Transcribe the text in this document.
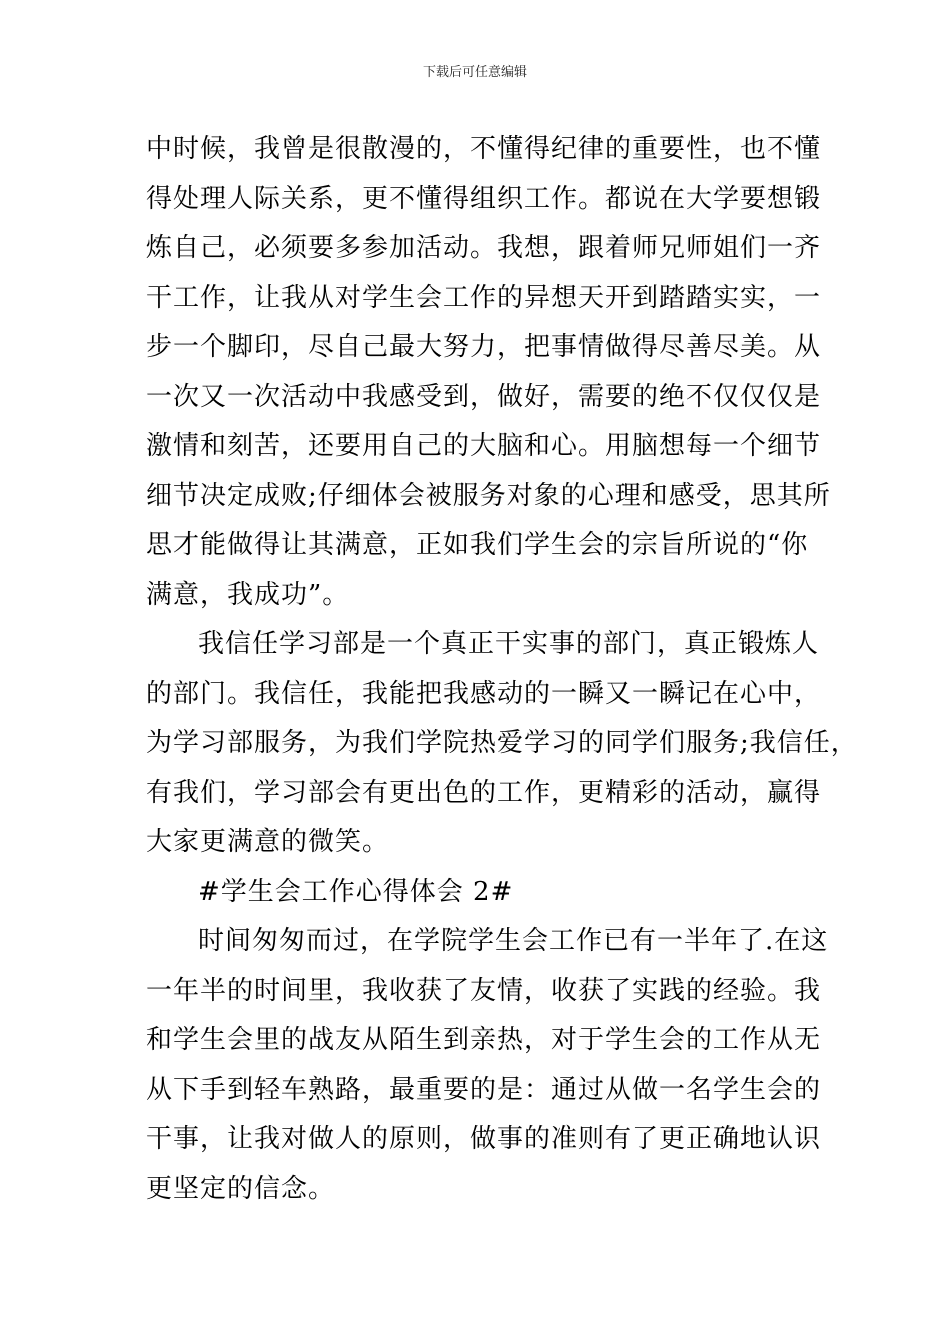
下载后可任意编辑

中时候，我曾是很散漫的，不懂得纪律的重要性，也不懂
得处理人际关系，更不懂得组织工作。都说在大学要想锻
炼自己，必须要多参加活动。我想，跟着师兄师姐们一齐
干工作，让我从对学生会工作的异想天开到踏踏实实，一
步一个脚印，尽自己最大努力，把事情做得尽善尽美。从
一次又一次活动中我感受到，做好，需要的绝不仅仅仅是
激情和刻苦，还要用自己的大脑和心。用脑想每一个细节
细节决定成败;仔细体会被服务对象的心理和感受，思其所
思才能做得让其满意，正如我们学生会的宗旨所说的“你
满意，我成功”。

我信任学习部是一个真正干实事的部门，真正锻炼人
的部门。我信任，我能把我感动的一瞬又一瞬记在心中，
为学习部服务，为我们学院热爱学习的同学们服务;我信任，
有我们，学习部会有更出色的工作，更精彩的活动，赢得
大家更满意的微笑。

#学生会工作心得体会 2#

时间匆匆而过，在学院学生会工作已有一半年了.在这
一年半的时间里，我收获了友情，收获了实践的经验。我
和学生会里的战友从陌生到亲热，对于学生会的工作从无
从下手到轻车熟路，最重要的是：通过从做一名学生会的
干事，让我对做人的原则，做事的准则有了更正确地认识
更坚定的信念。
